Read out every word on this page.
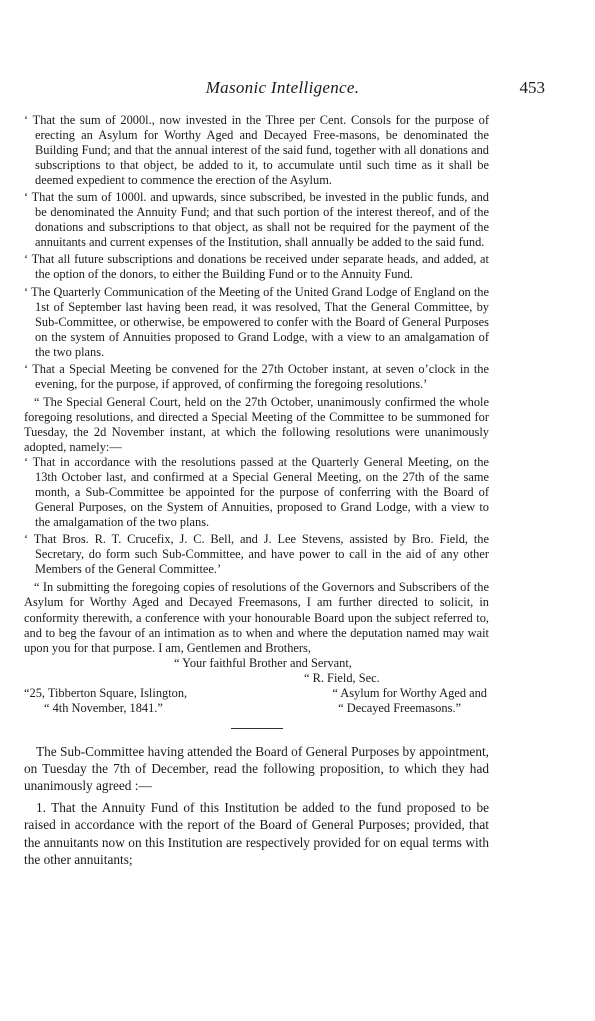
Masonic Intelligence.	453

‘ That the sum of 2000l., now invested in the Three per Cent. Consols for the purpose of erecting an Asylum for Worthy Aged and Decayed Free-masons, be denominated the Building Fund; and that the annual interest of the said fund, together with all donations and subscriptions to that object, be added to it, to accumulate until such time as it shall be deemed expedient to commence the erection of the Asylum.

‘ That the sum of 1000l. and upwards, since subscribed, be invested in the public funds, and be denominated the Annuity Fund; and that such portion of the interest thereof, and of the donations and subscriptions to that object, as shall not be required for the payment of the annuitants and current expenses of the Institution, shall annually be added to the said fund.

‘ That all future subscriptions and donations be received under separate heads, and added, at the option of the donors, to either the Building Fund or to the Annuity Fund.

‘ The Quarterly Communication of the Meeting of the United Grand Lodge of England on the 1st of September last having been read, it was resolved, That the General Committee, by Sub-Committee, or otherwise, be empowered to confer with the Board of General Purposes on the system of Annuities proposed to Grand Lodge, with a view to an amalgamation of the two plans.

‘ That a Special Meeting be convened for the 27th October instant, at seven o’clock in the evening, for the purpose, if approved, of confirming the foregoing resolutions.’

“ The Special General Court, held on the 27th October, unanimously confirmed the whole foregoing resolutions, and directed a Special Meeting of the Committee to be summoned for Tuesday, the 2d November instant, at which the following resolutions were unanimously adopted, namely:—

‘ That in accordance with the resolutions passed at the Quarterly General Meeting, on the 13th October last, and confirmed at a Special General Meeting, on the 27th of the same month, a Sub-Committee be appointed for the purpose of conferring with the Board of General Purposes, on the System of Annuities, proposed to Grand Lodge, with a view to the amalgamation of the two plans.

‘ That Bros. R. T. Crucefix, J. C. Bell, and J. Lee Stevens, assisted by Bro. Field, the Secretary, do form such Sub-Committee, and have power to call in the aid of any other Members of the General Committee.’

“ In submitting the foregoing copies of resolutions of the Governors and Subscribers of the Asylum for Worthy Aged and Decayed Freemasons, I am further directed to solicit, in conformity therewith, a conference with your honourable Board upon the subject referred to, and to beg the favour of an intimation as to when and where the deputation named may wait upon you for that purpose. I am, Gentlemen and Brothers,

“ Your faithful Brother and Servant,

“ R. Field, Sec.

“25, Tibberton Square, Islington,	“ Asylum for Worthy Aged and
“ 4th November, 1841.”	“ Decayed Freemasons.”

The Sub-Committee having attended the Board of General Purposes by appointment, on Tuesday the 7th of December, read the following proposition, to which they had unanimously agreed :—

1. That the Annuity Fund of this Institution be added to the fund proposed to be raised in accordance with the report of the Board of General Purposes; provided, that the annuitants now on this Institution are respectively provided for on equal terms with the other annuitants;
